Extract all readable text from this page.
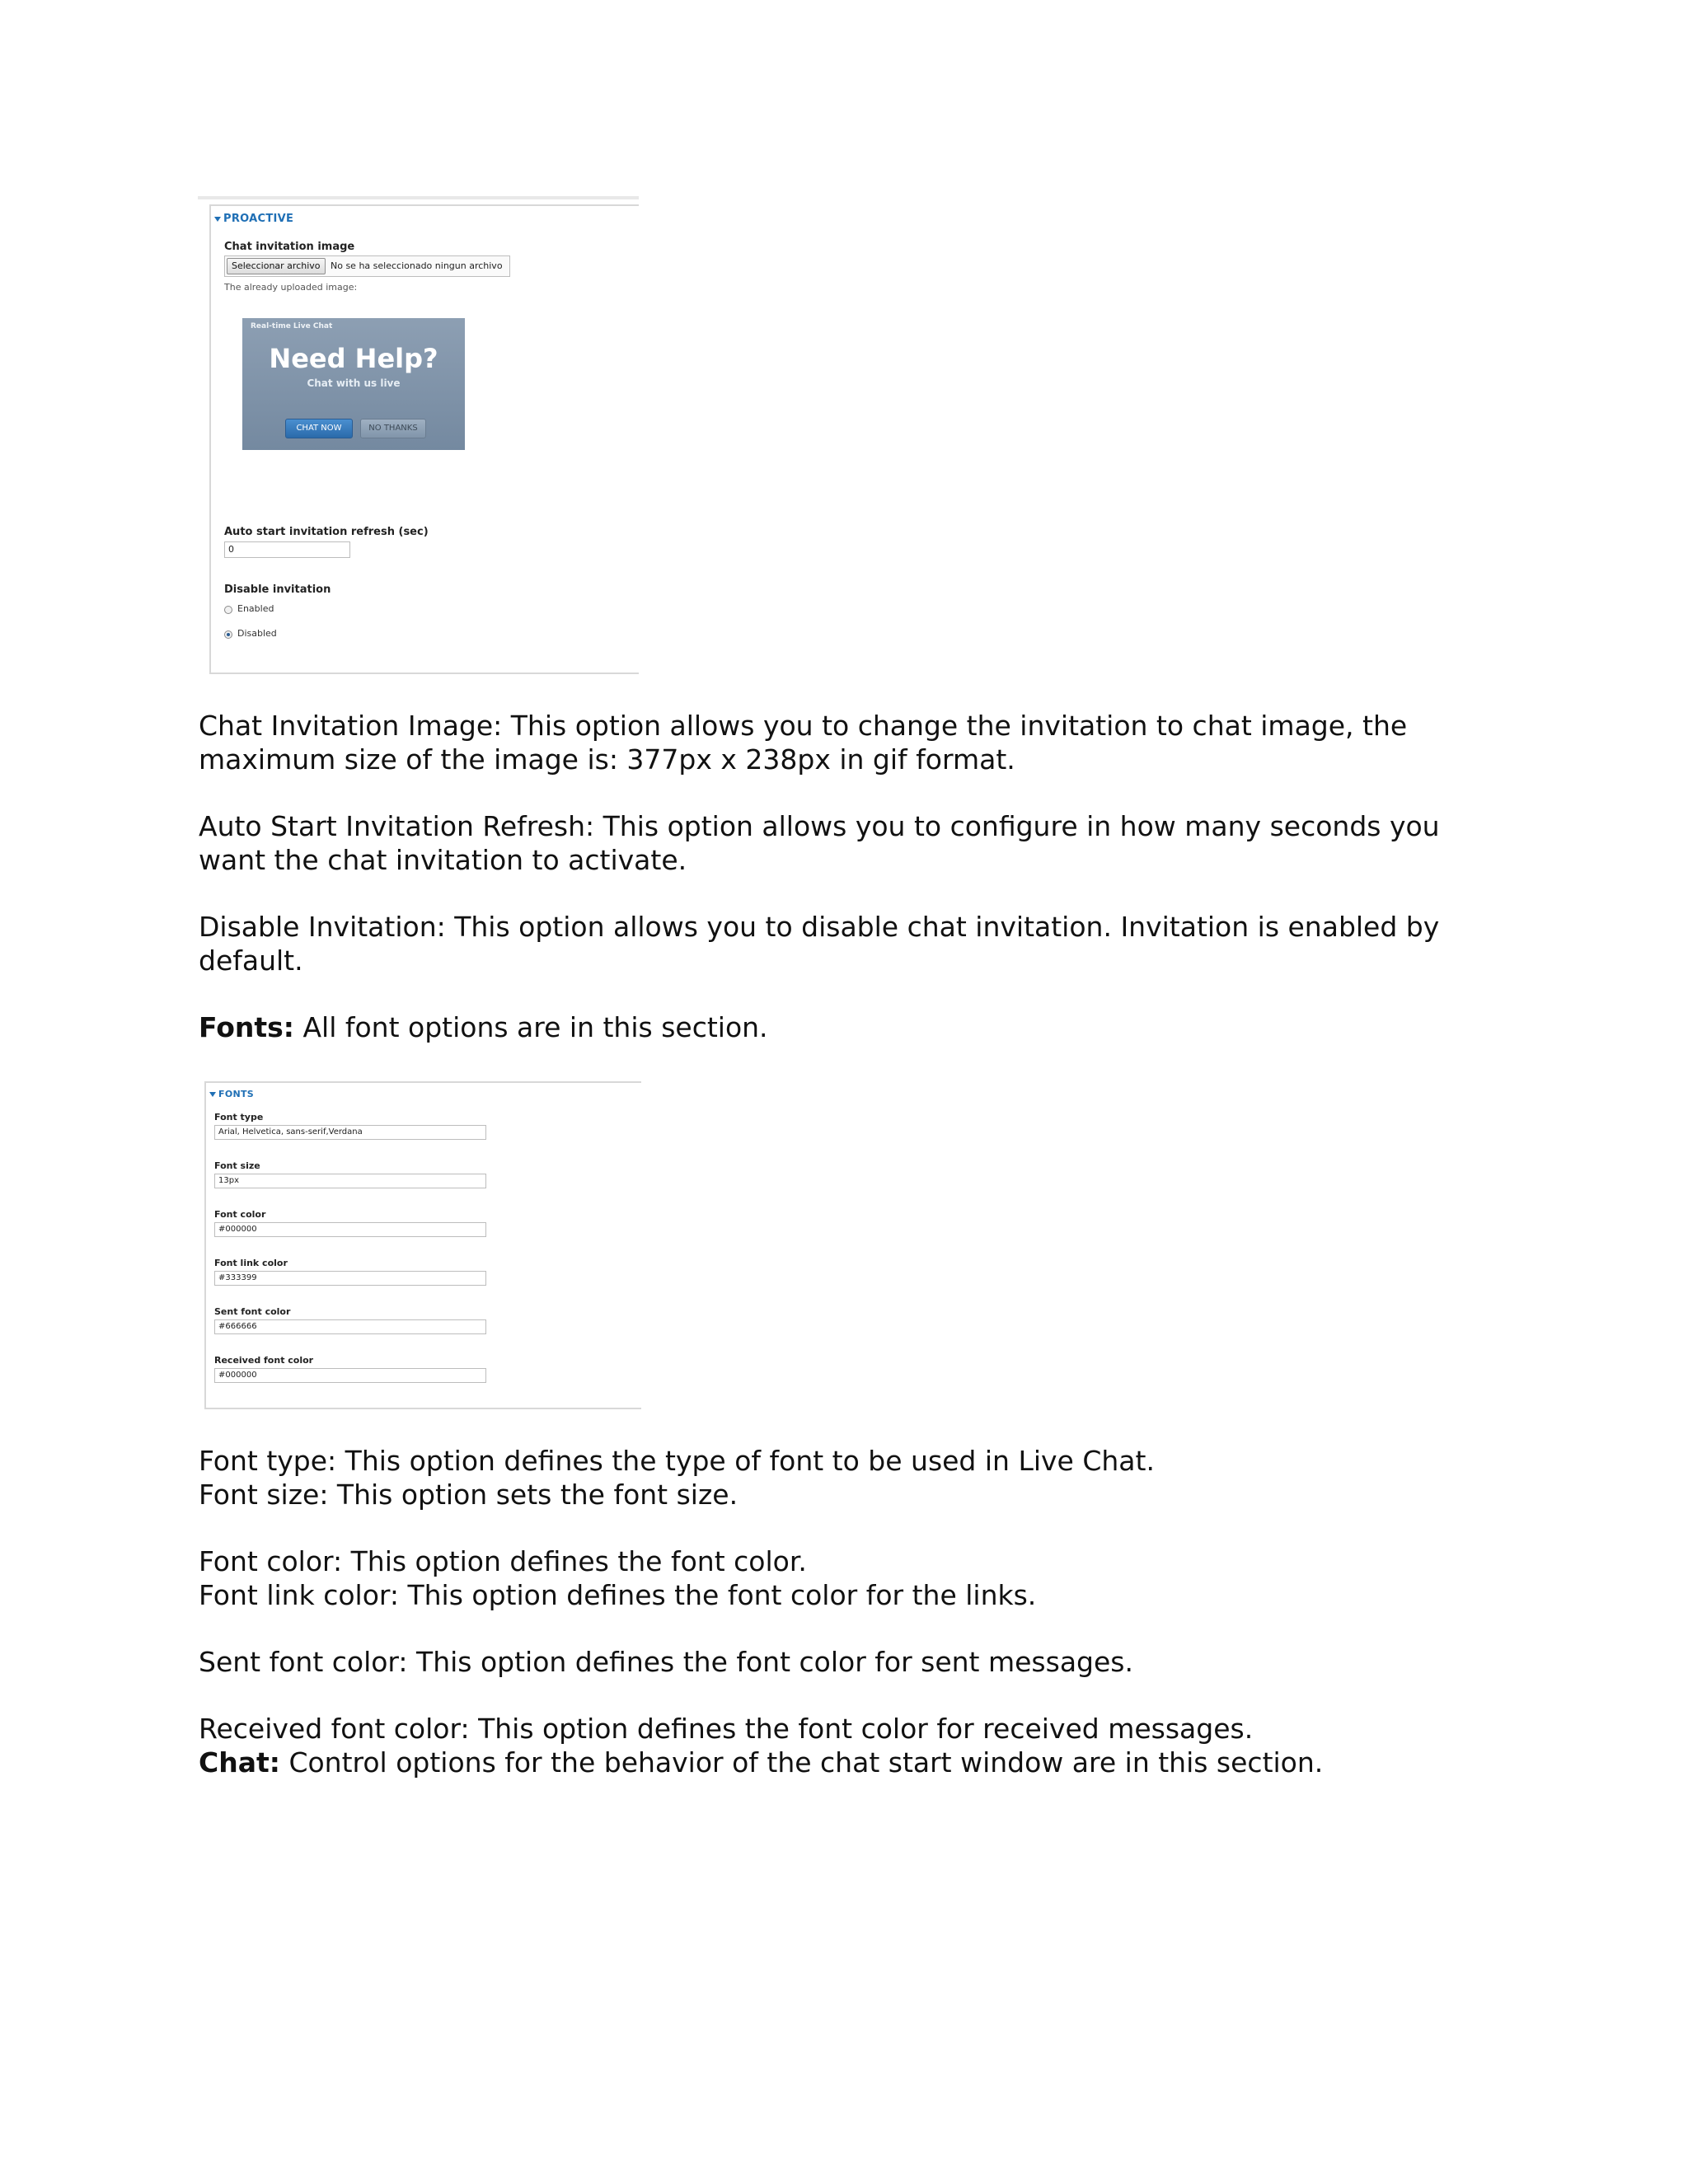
PROACTIVE
Chat invitation image
Seleccionar archivo	No se ha seleccionado ningun archivo
The already uploaded image:
Real-time Live Chat
Need Help?
Chat with us live
CHAT NOW	NO THANKS
Auto start invitation refresh (sec)
0
Disable invitation
Enabled
Disabled

Chat Invitation Image: This option allows you to change the invitation to chat image, the maximum size of the image is: 377px x 238px in gif format.

Auto Start Invitation Refresh: This option allows you to configure in how many seconds you want the chat invitation to activate.

Disable Invitation: This option allows you to disable chat invitation. Invitation is enabled by default.

Fonts: All font options are in this section.

FONTS
Font type
Arial, Helvetica, sans-serif,Verdana
Font size
13px
Font color
#000000
Font link color
#333399
Sent font color
#666666
Received font color
#000000

Font type: This option defines the type of font to be used in Live Chat.

Font size: This option sets the font size.

Font color: This option defines the font color.

Font link color: This option defines the font color for the links.

Sent font color: This option defines the font color for sent messages.

Received font color: This option defines the font color for received messages.

Chat: Control options for the behavior of the chat start window are in this section.
